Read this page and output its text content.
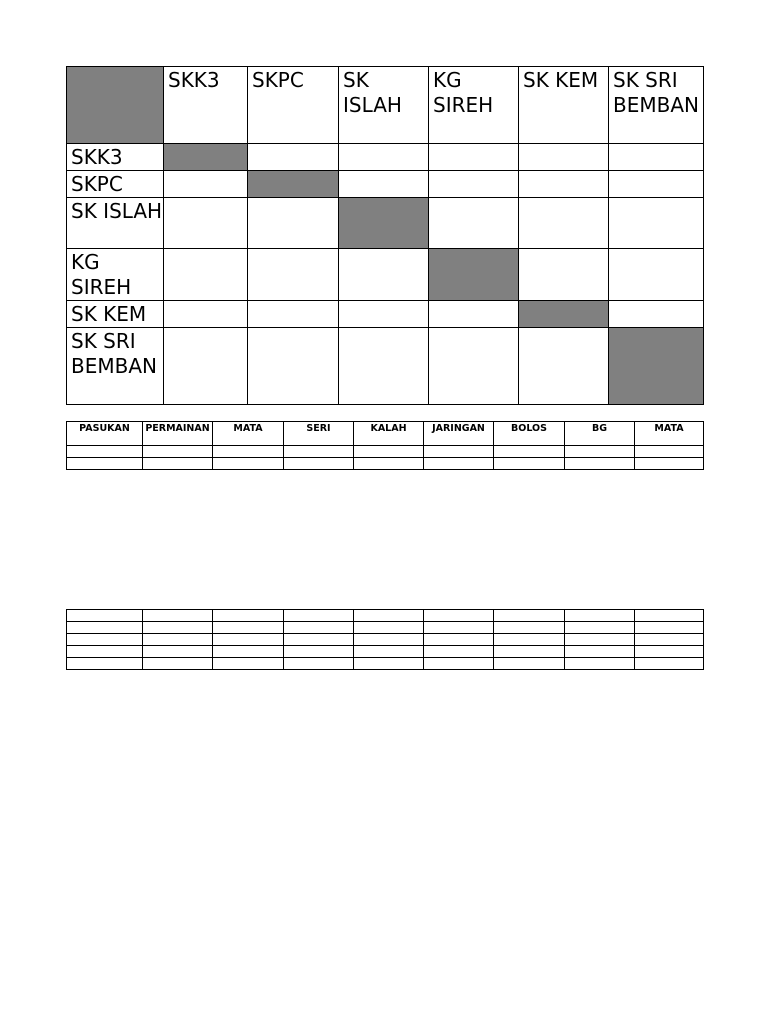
	SKK3	SKPC	SK ISLAH	KG SIREH	SK KEM	SK SRI BEMBAN
SKK3						
SKPC						
SK ISLAH						
KG SIREH						
SK KEM						
SK SRI BEMBAN						
PASUKAN	PERMAINAN	MATA	SERI	KALAH	JARINGAN	BOLOS	BG	MATA
